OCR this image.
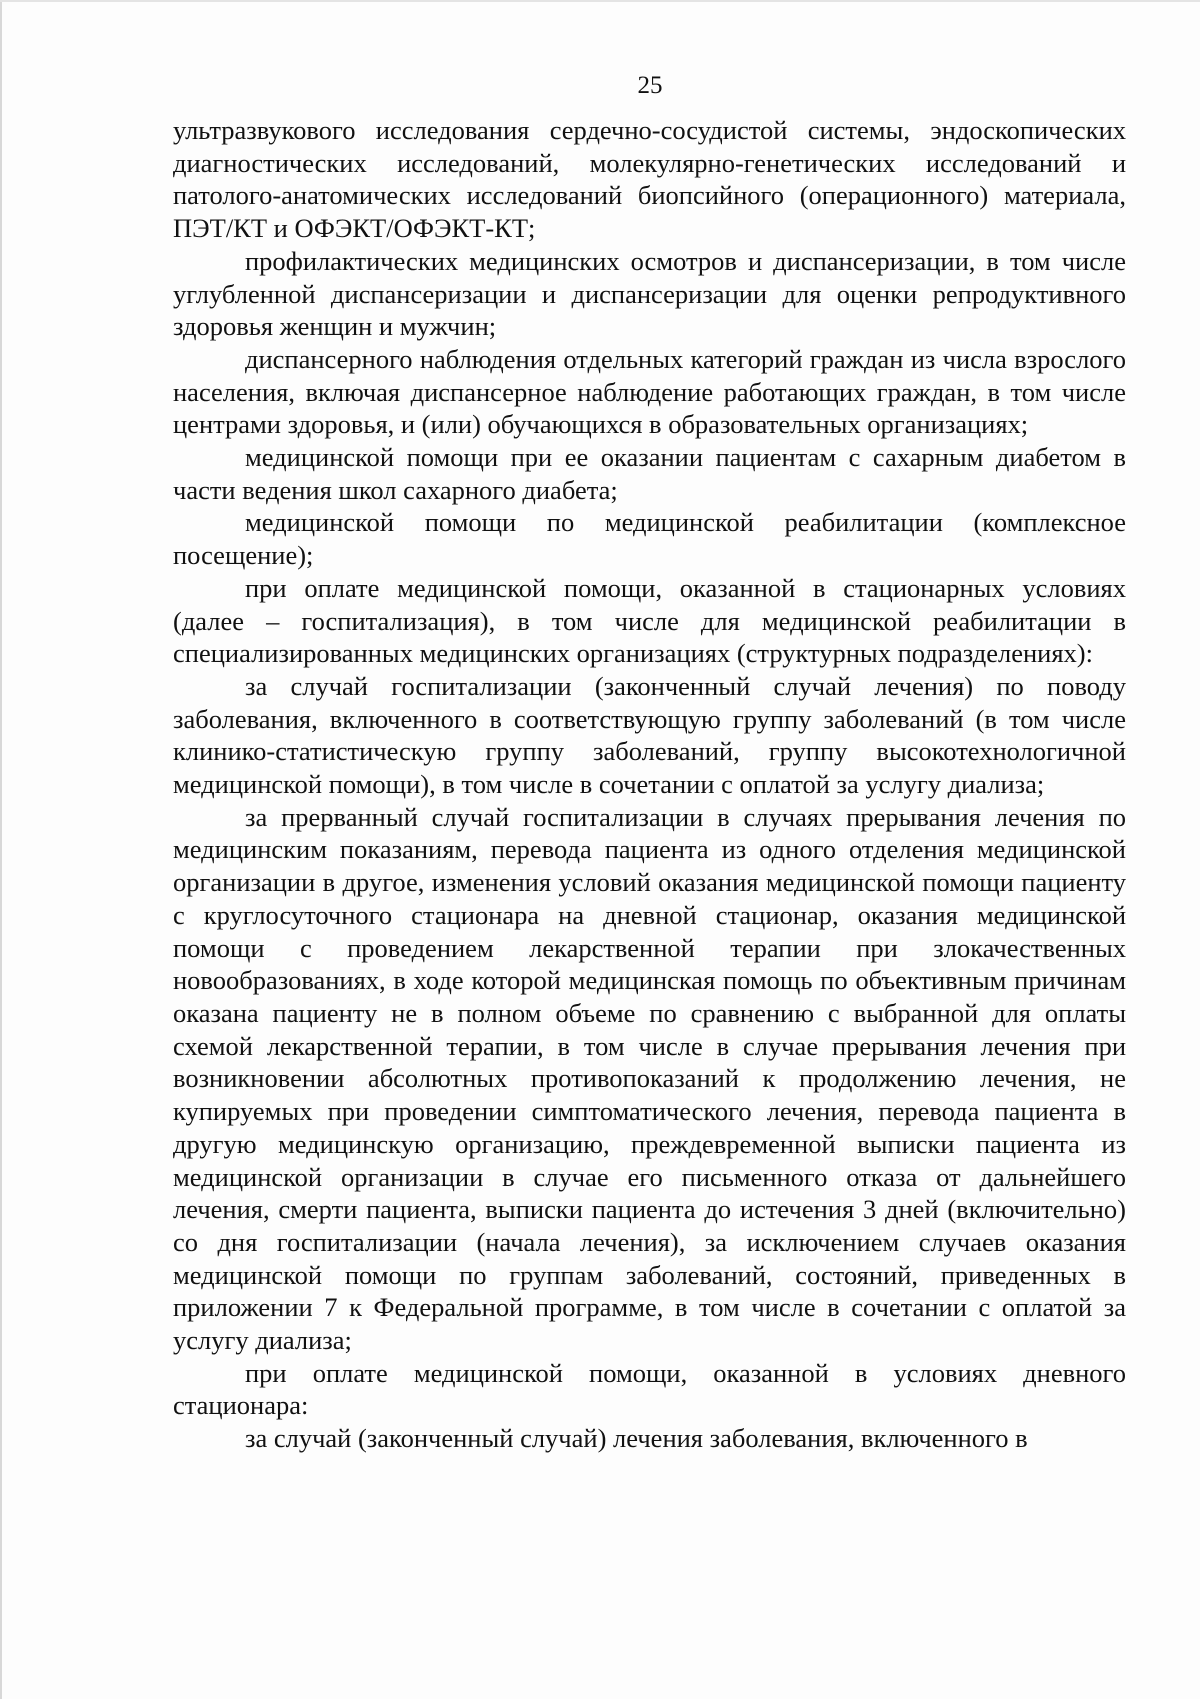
25

ультразвукового исследования сердечно-сосудистой системы, эндоскопических диагностических исследований, молекулярно-генетических исследований и патолого-анатомических исследований биопсийного (операционного) материала, ПЭТ/КТ и ОФЭКТ/ОФЭКТ-КТ;

профилактических медицинских осмотров и диспансеризации, в том числе углубленной диспансеризации и диспансеризации для оценки репродуктивного здоровья женщин и мужчин;

диспансерного наблюдения отдельных категорий граждан из числа взрослого населения, включая диспансерное наблюдение работающих граждан, в том числе центрами здоровья, и (или) обучающихся в образовательных организациях;

медицинской помощи при ее оказании пациентам с сахарным диабетом в части ведения школ сахарного диабета;

медицинской помощи по медицинской реабилитации (комплексное посещение);

при оплате медицинской помощи, оказанной в стационарных условиях (далее – госпитализация), в том числе для медицинской реабилитации в специализированных медицинских организациях (структурных подразделениях):

за случай госпитализации (законченный случай лечения) по поводу заболевания, включенного в соответствующую группу заболеваний (в том числе клинико-статистическую группу заболеваний, группу высокотехнологичной медицинской помощи), в том числе в сочетании с оплатой за услугу диализа;

за прерванный случай госпитализации в случаях прерывания лечения по медицинским показаниям, перевода пациента из одного отделения медицинской организации в другое, изменения условий оказания медицинской помощи пациенту с круглосуточного стационара на дневной стационар, оказания медицинской помощи с проведением лекарственной терапии при злокачественных новообразованиях, в ходе которой медицинская помощь по объективным причинам оказана пациенту не в полном объеме по сравнению с выбранной для оплаты схемой лекарственной терапии, в том числе в случае прерывания лечения при возникновении абсолютных противопоказаний к продолжению лечения, не купируемых при проведении симптоматического лечения, перевода пациента в другую медицинскую организацию, преждевременной выписки пациента из медицинской организации в случае его письменного отказа от дальнейшего лечения, смерти пациента, выписки пациента до истечения 3 дней (включительно) со дня госпитализации (начала лечения), за исключением случаев оказания медицинской помощи по группам заболеваний, состояний, приведенных в приложении 7 к Федеральной программе, в том числе в сочетании с оплатой за услугу диализа;

при оплате медицинской помощи, оказанной в условиях дневного стационара:

за случай (законченный случай) лечения заболевания, включенного в
